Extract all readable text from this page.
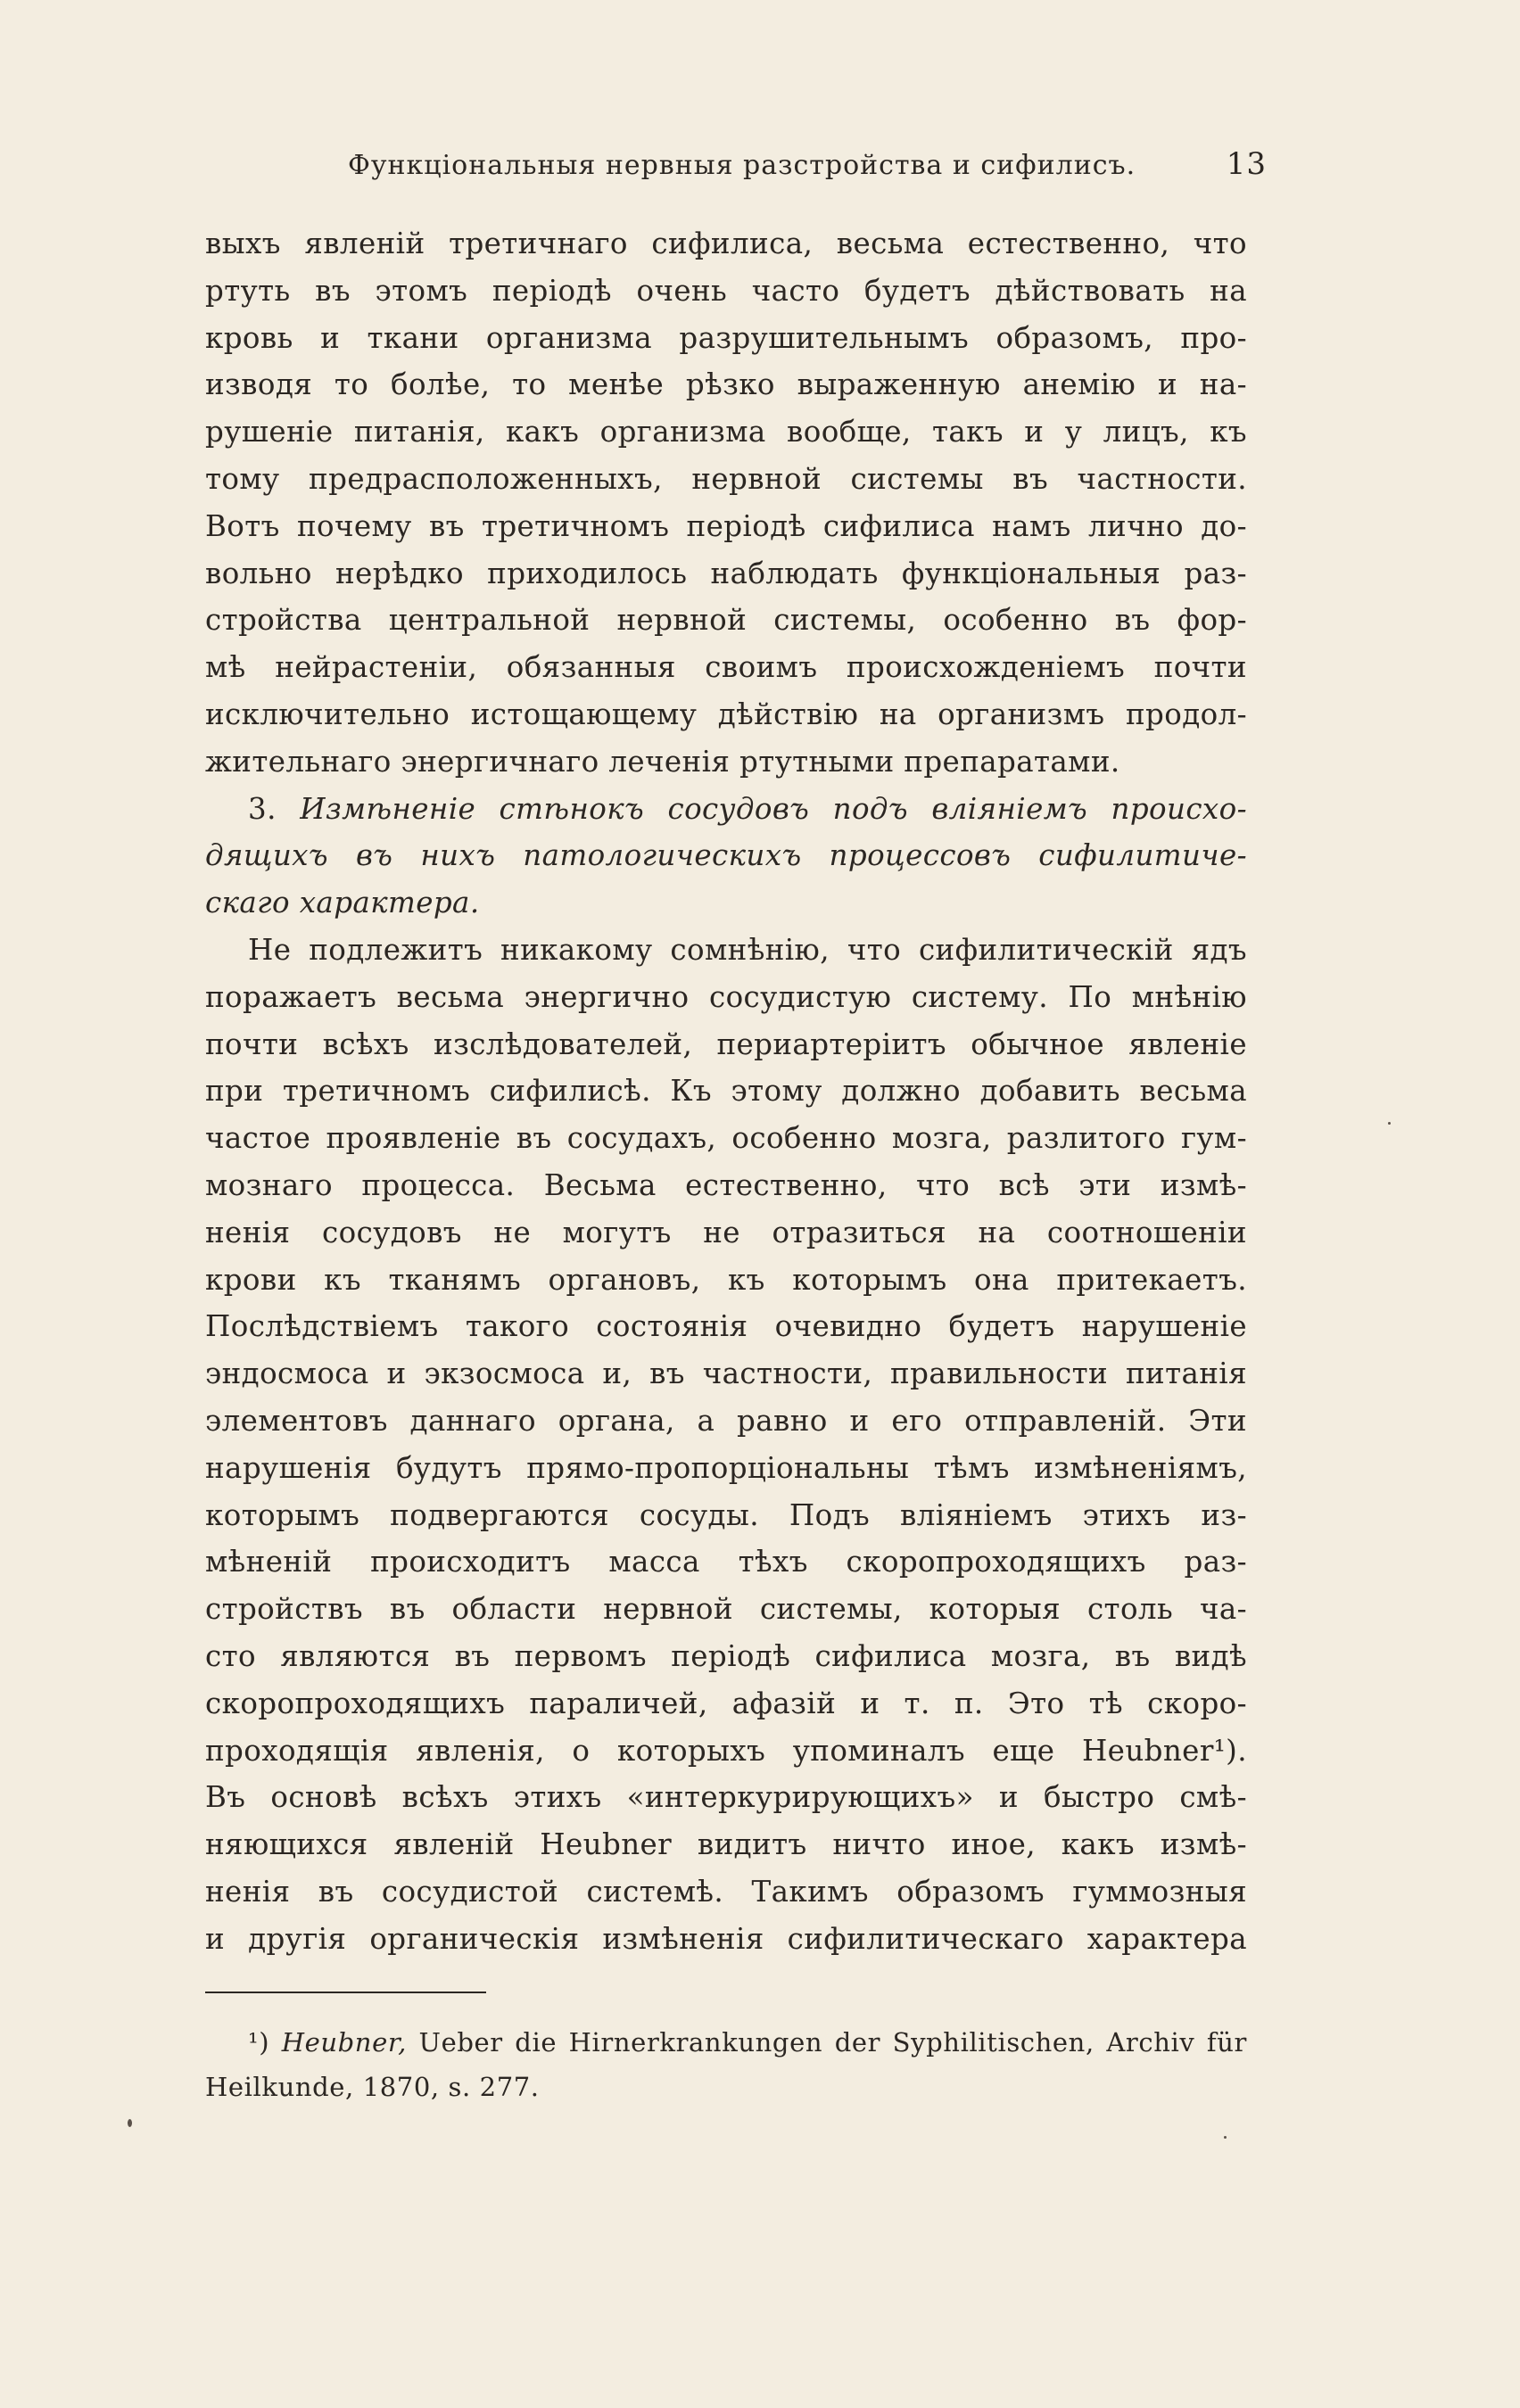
Функціональныя нервныя разстройства и сифилисъ.	13
выхъ явленій третичнаго сифилиса, весьма естественно, что
ртуть въ этомъ періодѣ очень часто будетъ дѣйствовать на
кровь и ткани организма разрушительнымъ образомъ, про-
изводя то болѣе, то менѣе рѣзко выраженную анемію и на-
рушеніе питанія, какъ организма вообще, такъ и у лицъ, къ
тому предрасположенныхъ, нервной системы въ частности.
Вотъ почему въ третичномъ періодѣ сифилиса намъ лично до-
вольно нерѣдко приходилось наблюдать функціональныя раз-
стройства центральной нервной системы, особенно въ фор-
мѣ нейрастеніи, обязанныя своимъ происхожденіемъ почти
исключительно истощающему дѣйствію на организмъ продол-
жительнаго энергичнаго леченія ртутными препаратами.
3. Измѣненіе стѣнокъ сосудовъ подъ вліяніемъ происхо-
дящихъ въ нихъ патологическихъ процессовъ сифилитиче-
скаго характера.
Не подлежитъ никакому сомнѣнію, что сифилитическій ядъ
поражаетъ весьма энергично сосудистую систему. По мнѣнію
почти всѣхъ изслѣдователей, периартеріитъ обычное явленіе
при третичномъ сифилисѣ. Къ этому должно добавить весьма
частое проявленіе въ сосудахъ, особенно мозга, разлитого гум-
мознаго процесса. Весьма естественно, что всѣ эти измѣ-
ненія сосудовъ не могутъ не отразиться на соотношеніи
крови къ тканямъ органовъ, къ которымъ она притекаетъ.
Послѣдствіемъ такого состоянія очевидно будетъ нарушеніе
эндосмоса и экзосмоса и, въ частности, правильности питанія
элементовъ даннаго органа, а равно и его отправленій. Эти
нарушенія будутъ прямо-пропорціональны тѣмъ измѣненіямъ,
которымъ подвергаются сосуды. Подъ вліяніемъ этихъ из-
мѣненій происходитъ масса тѣхъ скоропроходящихъ раз-
стройствъ въ области нервной системы, которыя столь ча-
сто являются въ первомъ періодѣ сифилиса мозга, въ видѣ
скоропроходящихъ параличей, афазій и т. п. Это тѣ скоро-
проходящія явленія, о которыхъ упоминалъ еще Heubner¹).
Въ основѣ всѣхъ этихъ «интеркурирующихъ» и быстро смѣ-
няющихся явленій Heubner видитъ ничто иное, какъ измѣ-
ненія въ сосудистой системѣ. Такимъ образомъ гуммозныя
и другія органическія измѣненія сифилитическаго характера
¹) Heubner, Ueber die Hirnerkrankungen der Syphilitischen, Archiv für
Heilkunde, 1870, s. 277.
